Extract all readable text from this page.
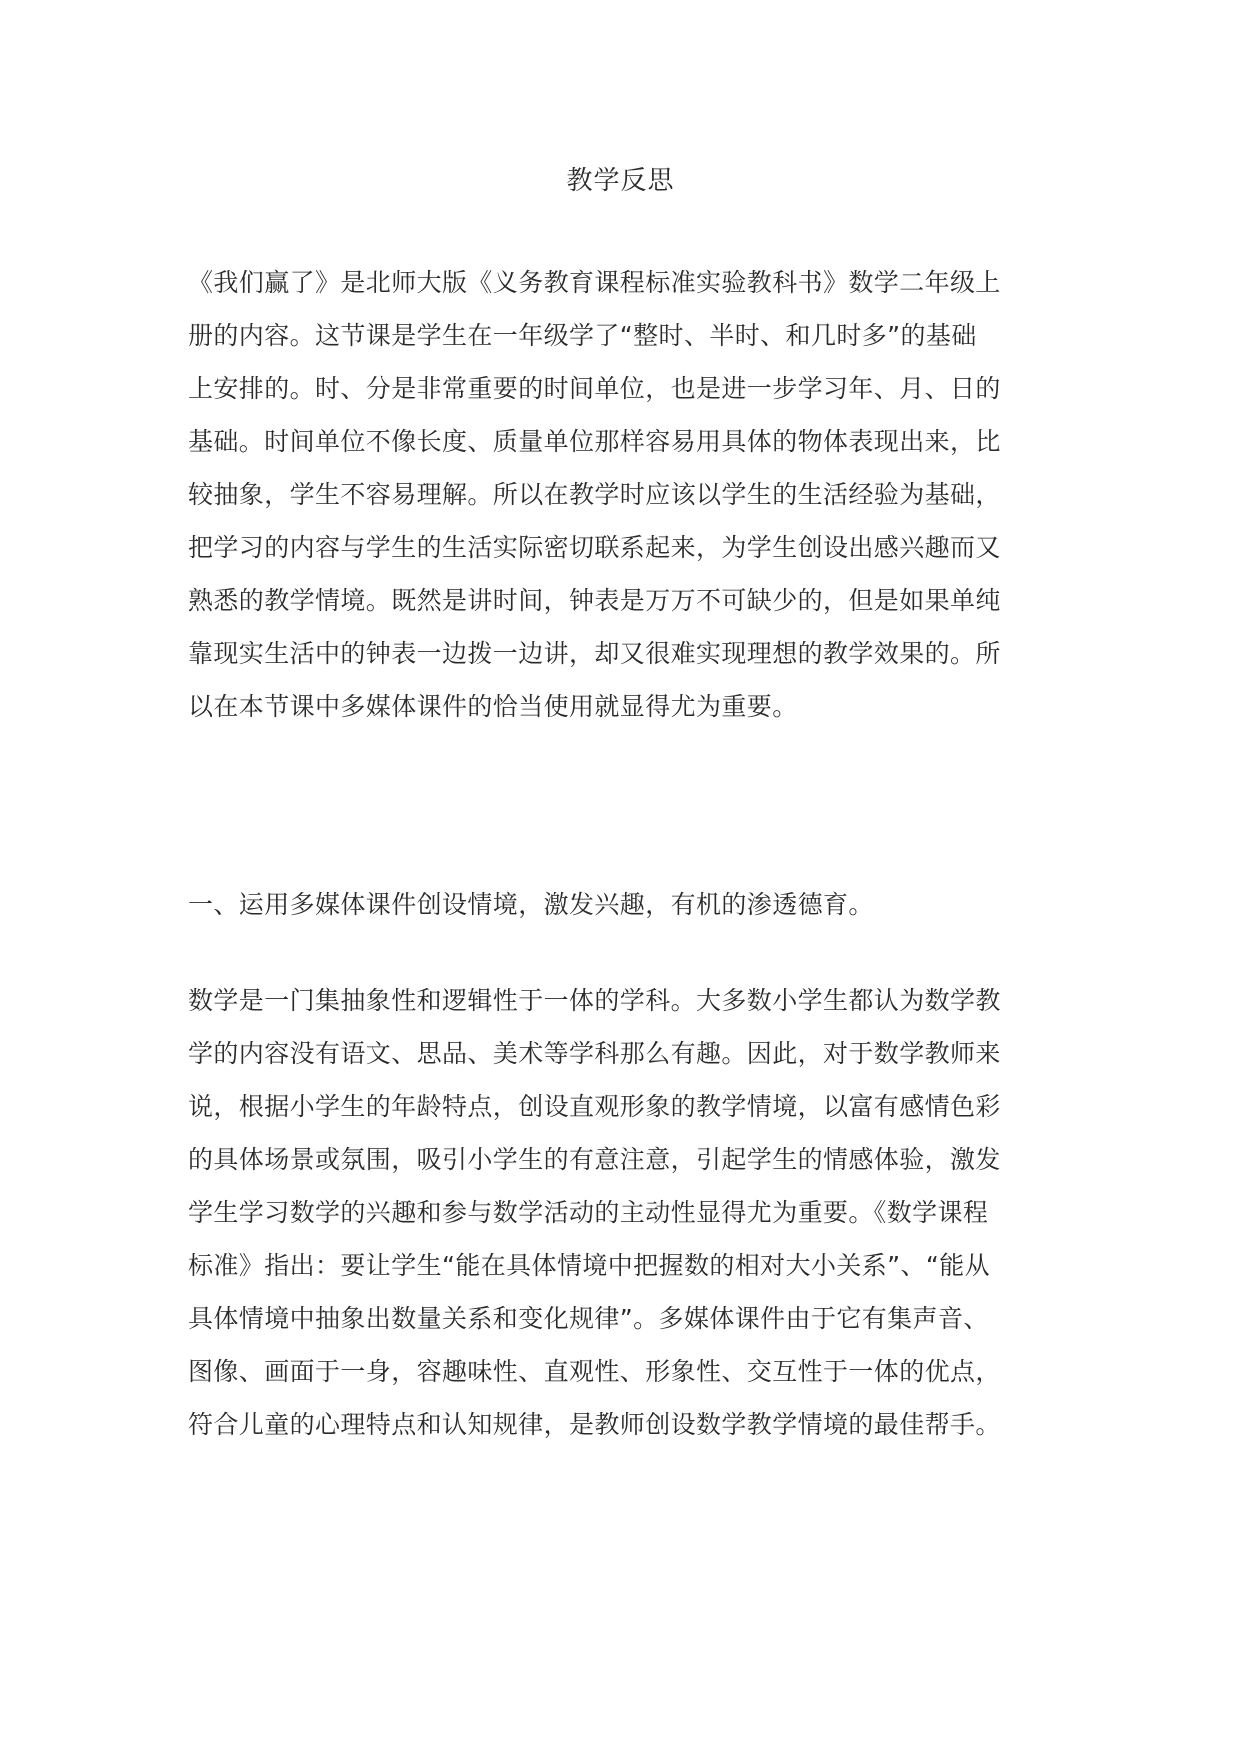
教学反思

《我们赢了》是北师大版《义务教育课程标准实验教科书》数学二年级上
册的内容。这节课是学生在一年级学了“整时、半时、和几时多”的基础
上安排的。时、分是非常重要的时间单位，也是进一步学习年、月、日的
基础。时间单位不像长度、质量单位那样容易用具体的物体表现出来，比
较抽象，学生不容易理解。所以在教学时应该以学生的生活经验为基础，
把学习的内容与学生的生活实际密切联系起来，为学生创设出感兴趣而又
熟悉的教学情境。既然是讲时间，钟表是万万不可缺少的，但是如果单纯
靠现实生活中的钟表一边拨一边讲，却又很难实现理想的教学效果的。所
以在本节课中多媒体课件的恰当使用就显得尤为重要。

一、运用多媒体课件创设情境，激发兴趣，有机的渗透德育。

数学是一门集抽象性和逻辑性于一体的学科。大多数小学生都认为数学教
学的内容没有语文、思品、美术等学科那么有趣。因此，对于数学教师来
说，根据小学生的年龄特点，创设直观形象的教学情境，以富有感情色彩
的具体场景或氛围，吸引小学生的有意注意，引起学生的情感体验，激发
学生学习数学的兴趣和参与数学活动的主动性显得尤为重要。《数学课程
标准》指出：要让学生“能在具体情境中把握数的相对大小关系”、“能从
具体情境中抽象出数量关系和变化规律”。多媒体课件由于它有集声音、
图像、画面于一身，容趣味性、直观性、形象性、交互性于一体的优点，
符合儿童的心理特点和认知规律，是教师创设数学教学情境的最佳帮手。
